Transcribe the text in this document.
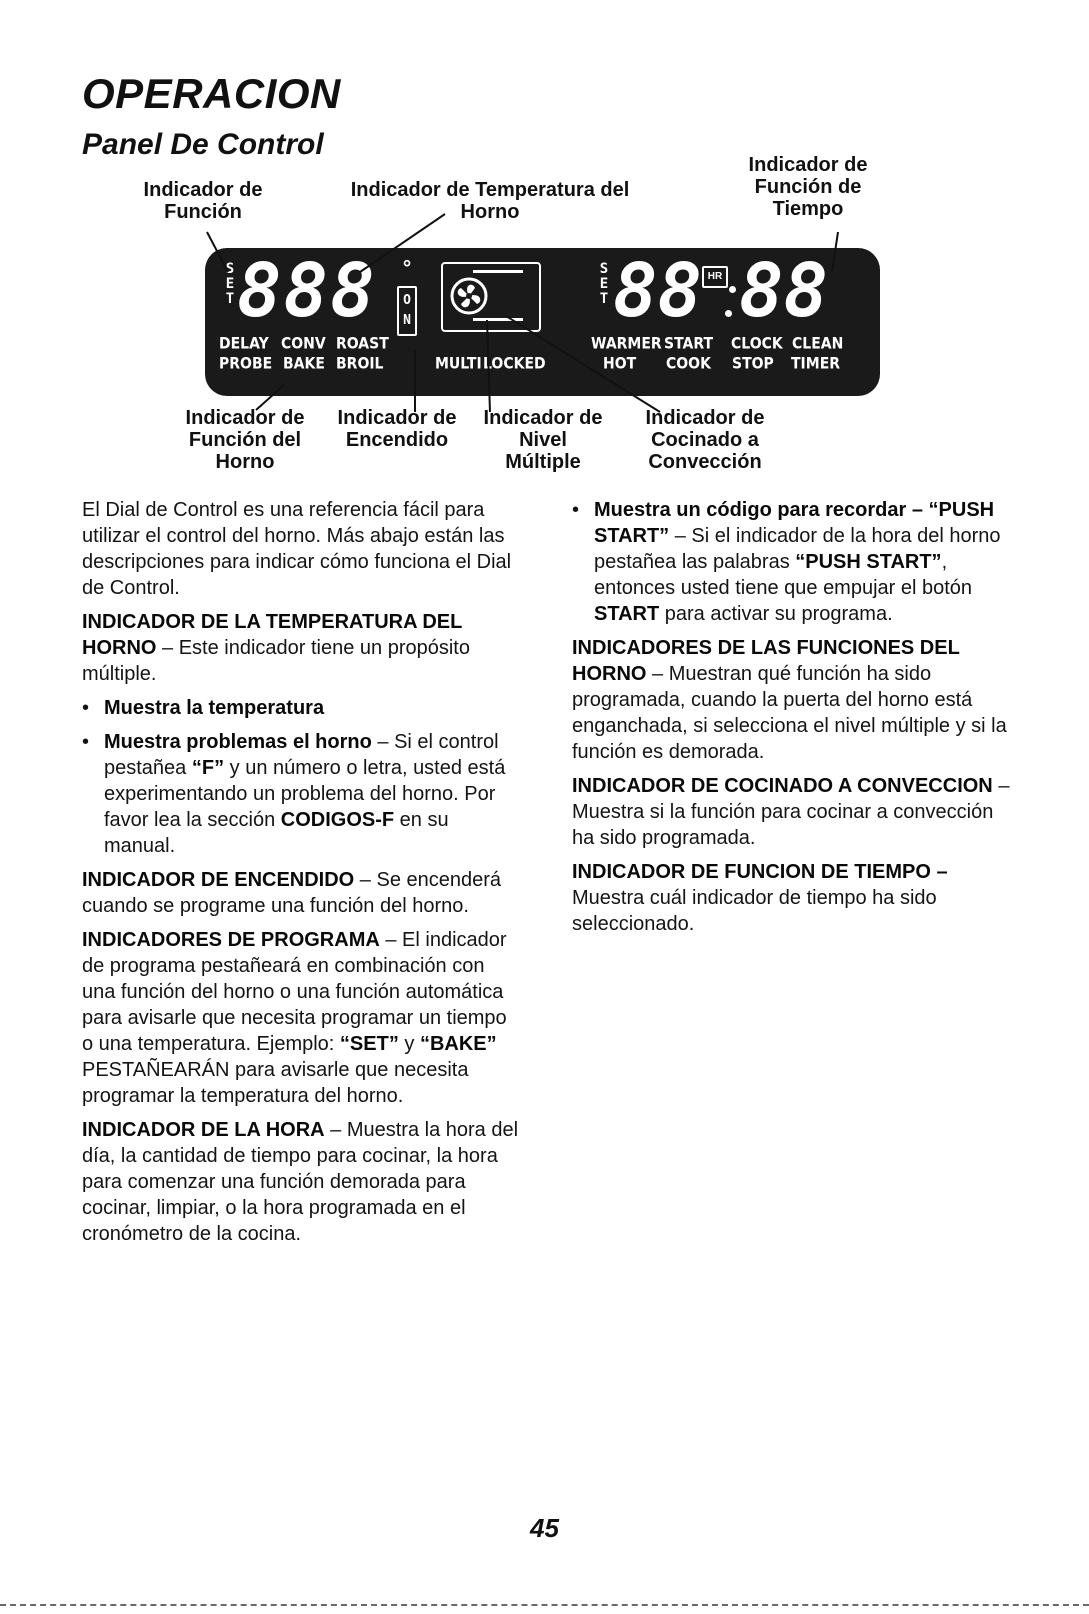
OPERACION
Panel De Control
Indicador de
Función
Indicador de Temperatura del
Horno
Indicador de
Función de
Tiempo
Indicador de
Función del
Horno
Indicador de
Encendido
Indicador de
Nivel
Múltiple
Indicador de
Cocinado a
Convección
S
E
T 888 °
O
N
S
E
T 88 HR 88
DELAY CONV ROAST
PROBE BAKE BROIL	MULTI LOCKED
WARMER START CLOCK CLEAN
HOT COOK STOP TIMER

El Dial de Control es una referencia fácil para utilizar el control del horno. Más abajo están las descripciones para indicar cómo funciona el Dial de Control.

INDICADOR DE LA TEMPERATURA DEL HORNO – Este indicador tiene un propósito múltiple.

• Muestra la temperatura

• Muestra problemas el horno – Si el control pestañea “F” y un número o letra, usted está experimentando un problema del horno. Por favor lea la sección CODIGOS-F en su manual.

INDICADOR DE ENCENDIDO – Se encenderá cuando se programe una función del horno.

INDICADORES DE PROGRAMA – El indicador de programa pestañeará en combinación con una función del horno o una función automática para avisarle que necesita programar un tiempo o una temperatura. Ejemplo: “SET” y “BAKE” PESTAÑEARÁN para avisarle que necesita programar la temperatura del horno.

INDICADOR DE LA HORA – Muestra la hora del día, la cantidad de tiempo para cocinar, la hora para comenzar una función demorada para cocinar, limpiar, o la hora programada en el cronómetro de la cocina.

• Muestra un código para recordar – “PUSH START” – Si el indicador de la hora del horno pestañea las palabras “PUSH START”, entonces usted tiene que empujar el botón START para activar su programa.

INDICADORES DE LAS FUNCIONES DEL HORNO – Muestran qué función ha sido programada, cuando la puerta del horno está enganchada, si selecciona el nivel múltiple y si la función es demorada.

INDICADOR DE COCINADO A CONVECCION – Muestra si la función para cocinar a convección ha sido programada.

INDICADOR DE FUNCION DE TIEMPO – Muestra cuál indicador de tiempo ha sido seleccionado.

45
